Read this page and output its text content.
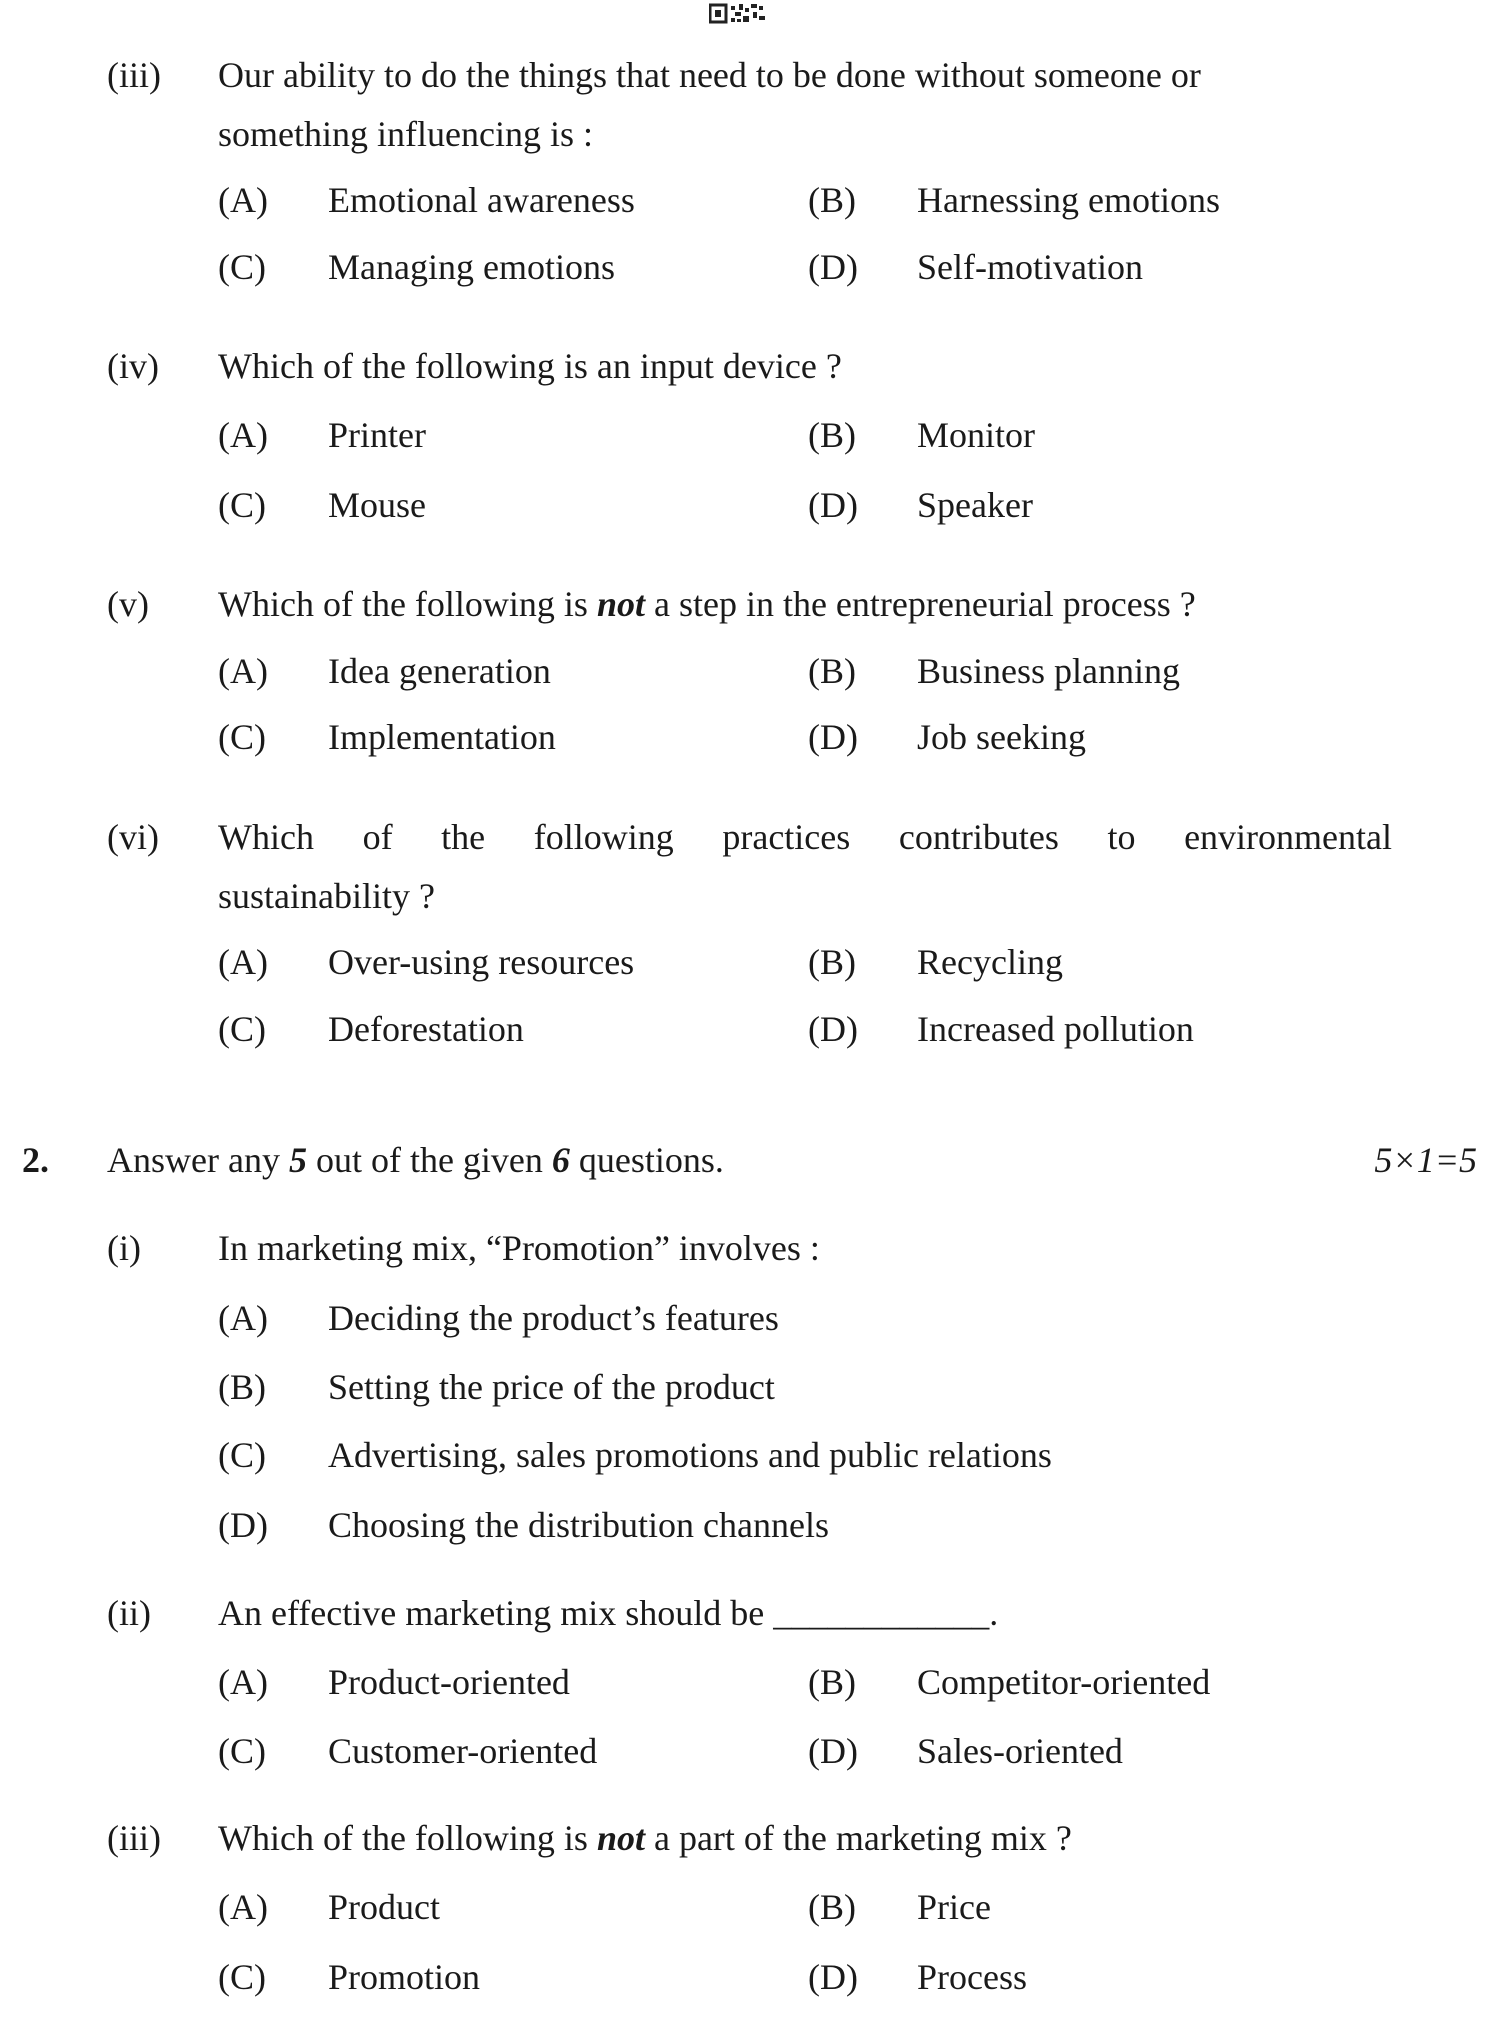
(iii) Our ability to do the things that need to be done without someone or
something influencing is :
(A) Emotional awareness	(B) Harnessing emotions
(C) Managing emotions	(D) Self-motivation
(iv) Which of the following is an input device ?
(A) Printer	(B) Monitor
(C) Mouse	(D) Speaker
(v) Which of the following is not a step in the entrepreneurial process ?
(A) Idea generation	(B) Business planning
(C) Implementation	(D) Job seeking
(vi) Which of the following practices contributes to environmental
sustainability ?
(A) Over-using resources	(B) Recycling
(C) Deforestation	(D) Increased pollution
2. Answer any 5 out of the given 6 questions.	5×1=5
(i) In marketing mix, “Promotion” involves :
(A) Deciding the product’s features
(B) Setting the price of the product
(C) Advertising, sales promotions and public relations
(D) Choosing the distribution channels
(ii) An effective marketing mix should be ____________.
(A) Product-oriented	(B) Competitor-oriented
(C) Customer-oriented	(D) Sales-oriented
(iii) Which of the following is not a part of the marketing mix ?
(A) Product	(B) Price
(C) Promotion	(D) Process
